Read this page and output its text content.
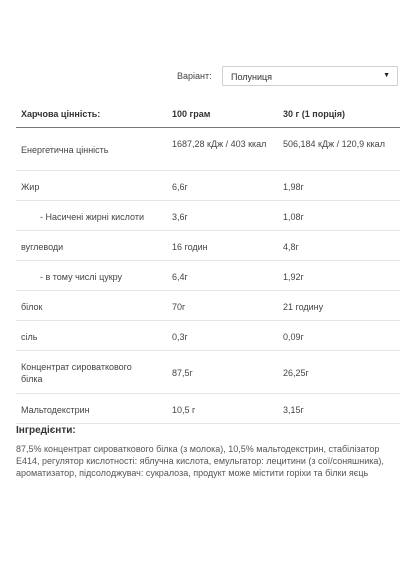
Варіант: Полуниця	▼
Харчова цінність:	100 грам	30 г (1 порція)
Енергетична цінність	1687,28 кДж / 403 ккал	506,184 кДж / 120,9 ккал
Жир	6,6г	1,98г
- Насичені жирні кислоти	3,6г	1,08г
вуглеводи	16 годин	4,8г
- в тому числі цукру	6,4г	1,92г
білок	70г	21 годину
сіль	0,3г	0,09г
Концентрат сироваткового білка	87,5г	26,25г
Мальтодекстрин	10,5 г	3,15г
Інгредієнти:
87,5% концентрат сироваткового білка (з молока), 10,5% мальтодекстрин, стабілізатор Е414, регулятор кислотності: яблучна кислота, емульгатор: лецитини (з сої/соняшника), ароматизатор, підсолоджувач: сукралоза, продукт може містити горіхи та білки яєць
